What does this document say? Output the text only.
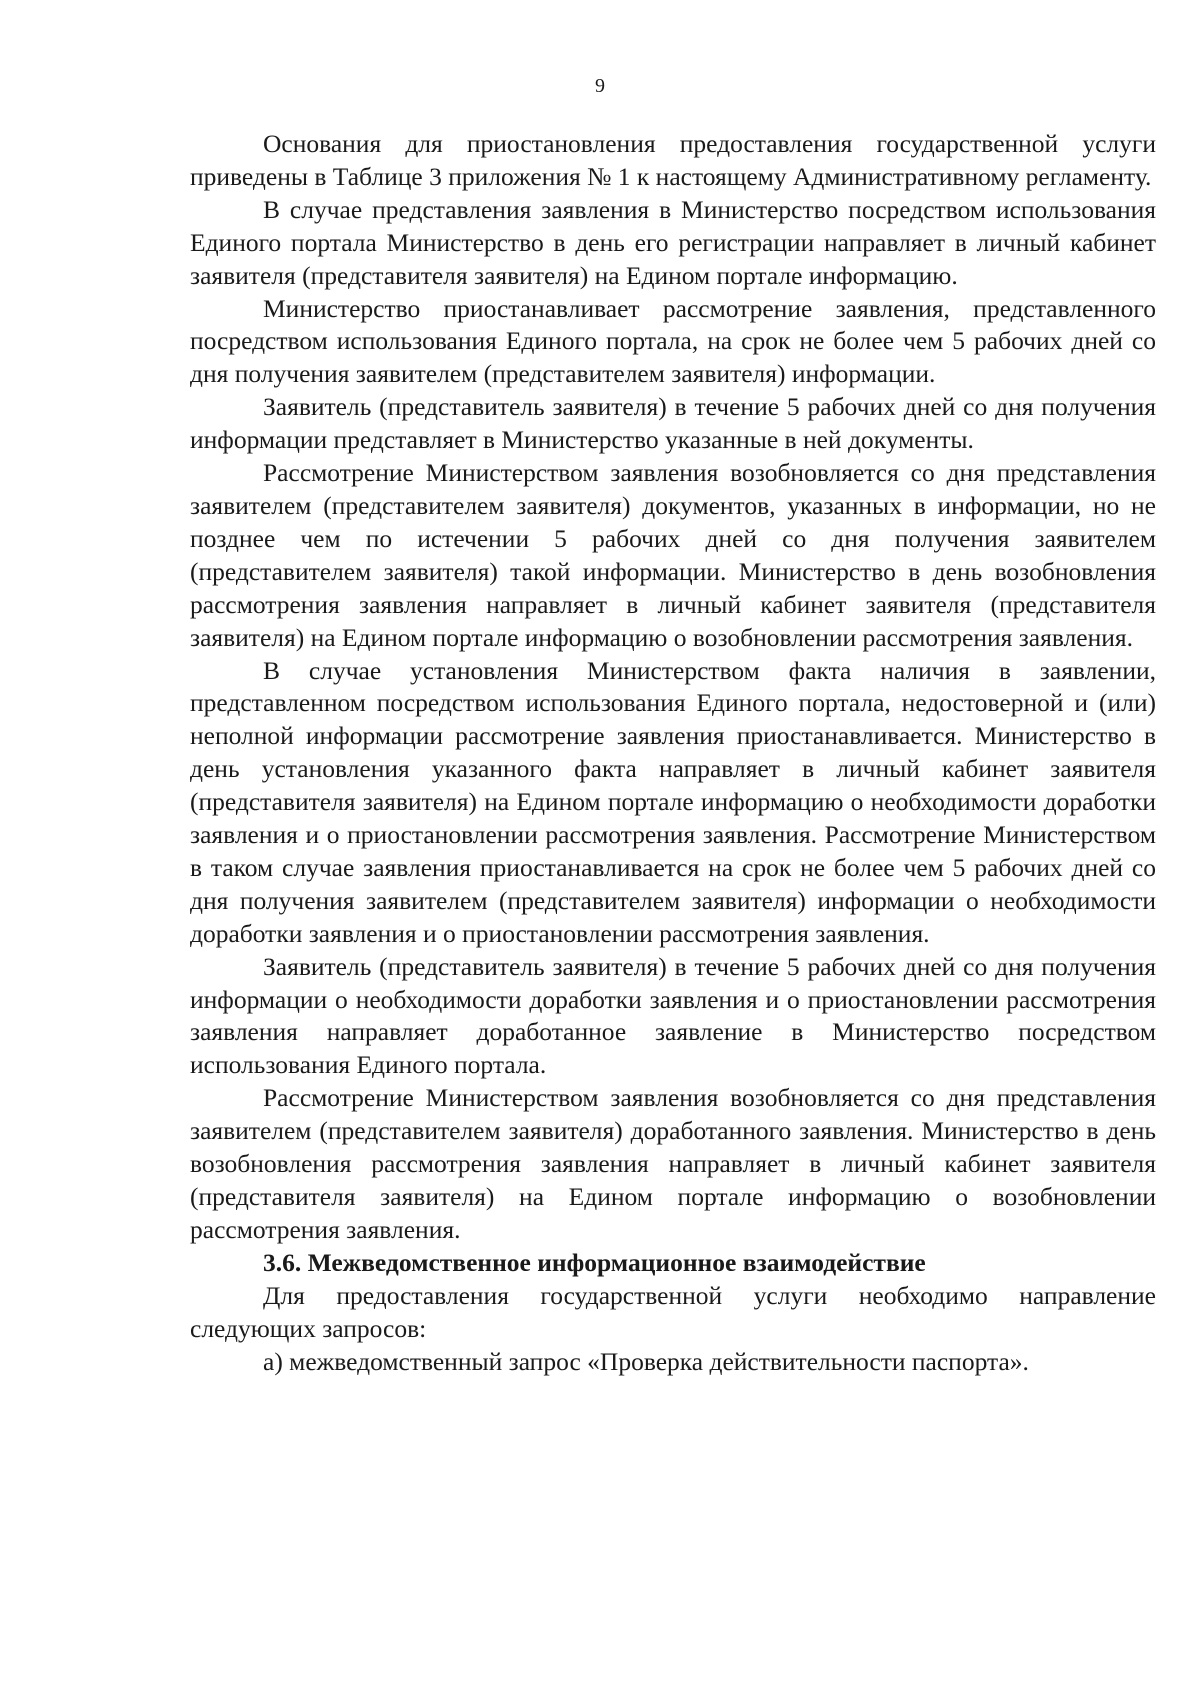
9

Основания для приостановления предоставления государственной услуги приведены в Таблице 3 приложения № 1 к настоящему Административному регламенту.

В случае представления заявления в Министерство посредством использования Единого портала Министерство в день его регистрации направляет в личный кабинет заявителя (представителя заявителя) на Едином портале информацию.

Министерство приостанавливает рассмотрение заявления, представленного посредством использования Единого портала, на срок не более чем 5 рабочих дней со дня получения заявителем (представителем заявителя) информации.

Заявитель (представитель заявителя) в течение 5 рабочих дней со дня получения информации представляет в Министерство указанные в ней документы.

Рассмотрение Министерством заявления возобновляется со дня представления заявителем (представителем заявителя) документов, указанных в информации, но не позднее чем по истечении 5 рабочих дней со дня получения заявителем (представителем заявителя) такой информации. Министерство в день возобновления рассмотрения заявления направляет в личный кабинет заявителя (представителя заявителя) на Едином портале информацию о возобновлении рассмотрения заявления.

В случае установления Министерством факта наличия в заявлении, представленном посредством использования Единого портала, недостоверной и (или) неполной информации рассмотрение заявления приостанавливается. Министерство в день установления указанного факта направляет в личный кабинет заявителя (представителя заявителя) на Едином портале информацию о необходимости доработки заявления и о приостановлении рассмотрения заявления. Рассмотрение Министерством в таком случае заявления приостанавливается на срок не более чем 5 рабочих дней со дня получения заявителем (представителем заявителя) информации о необходимости доработки заявления и о приостановлении рассмотрения заявления.

Заявитель (представитель заявителя) в течение 5 рабочих дней со дня получения информации о необходимости доработки заявления и о приостановлении рассмотрения заявления направляет доработанное заявление в Министерство посредством использования Единого портала.

Рассмотрение Министерством заявления возобновляется со дня представления заявителем (представителем заявителя) доработанного заявления. Министерство в день возобновления рассмотрения заявления направляет в личный кабинет заявителя (представителя заявителя) на Едином портале информацию о возобновлении рассмотрения заявления.

3.6. Межведомственное информационное взаимодействие

Для предоставления государственной услуги необходимо направление следующих запросов:

а) межведомственный запрос «Проверка действительности паспорта».
